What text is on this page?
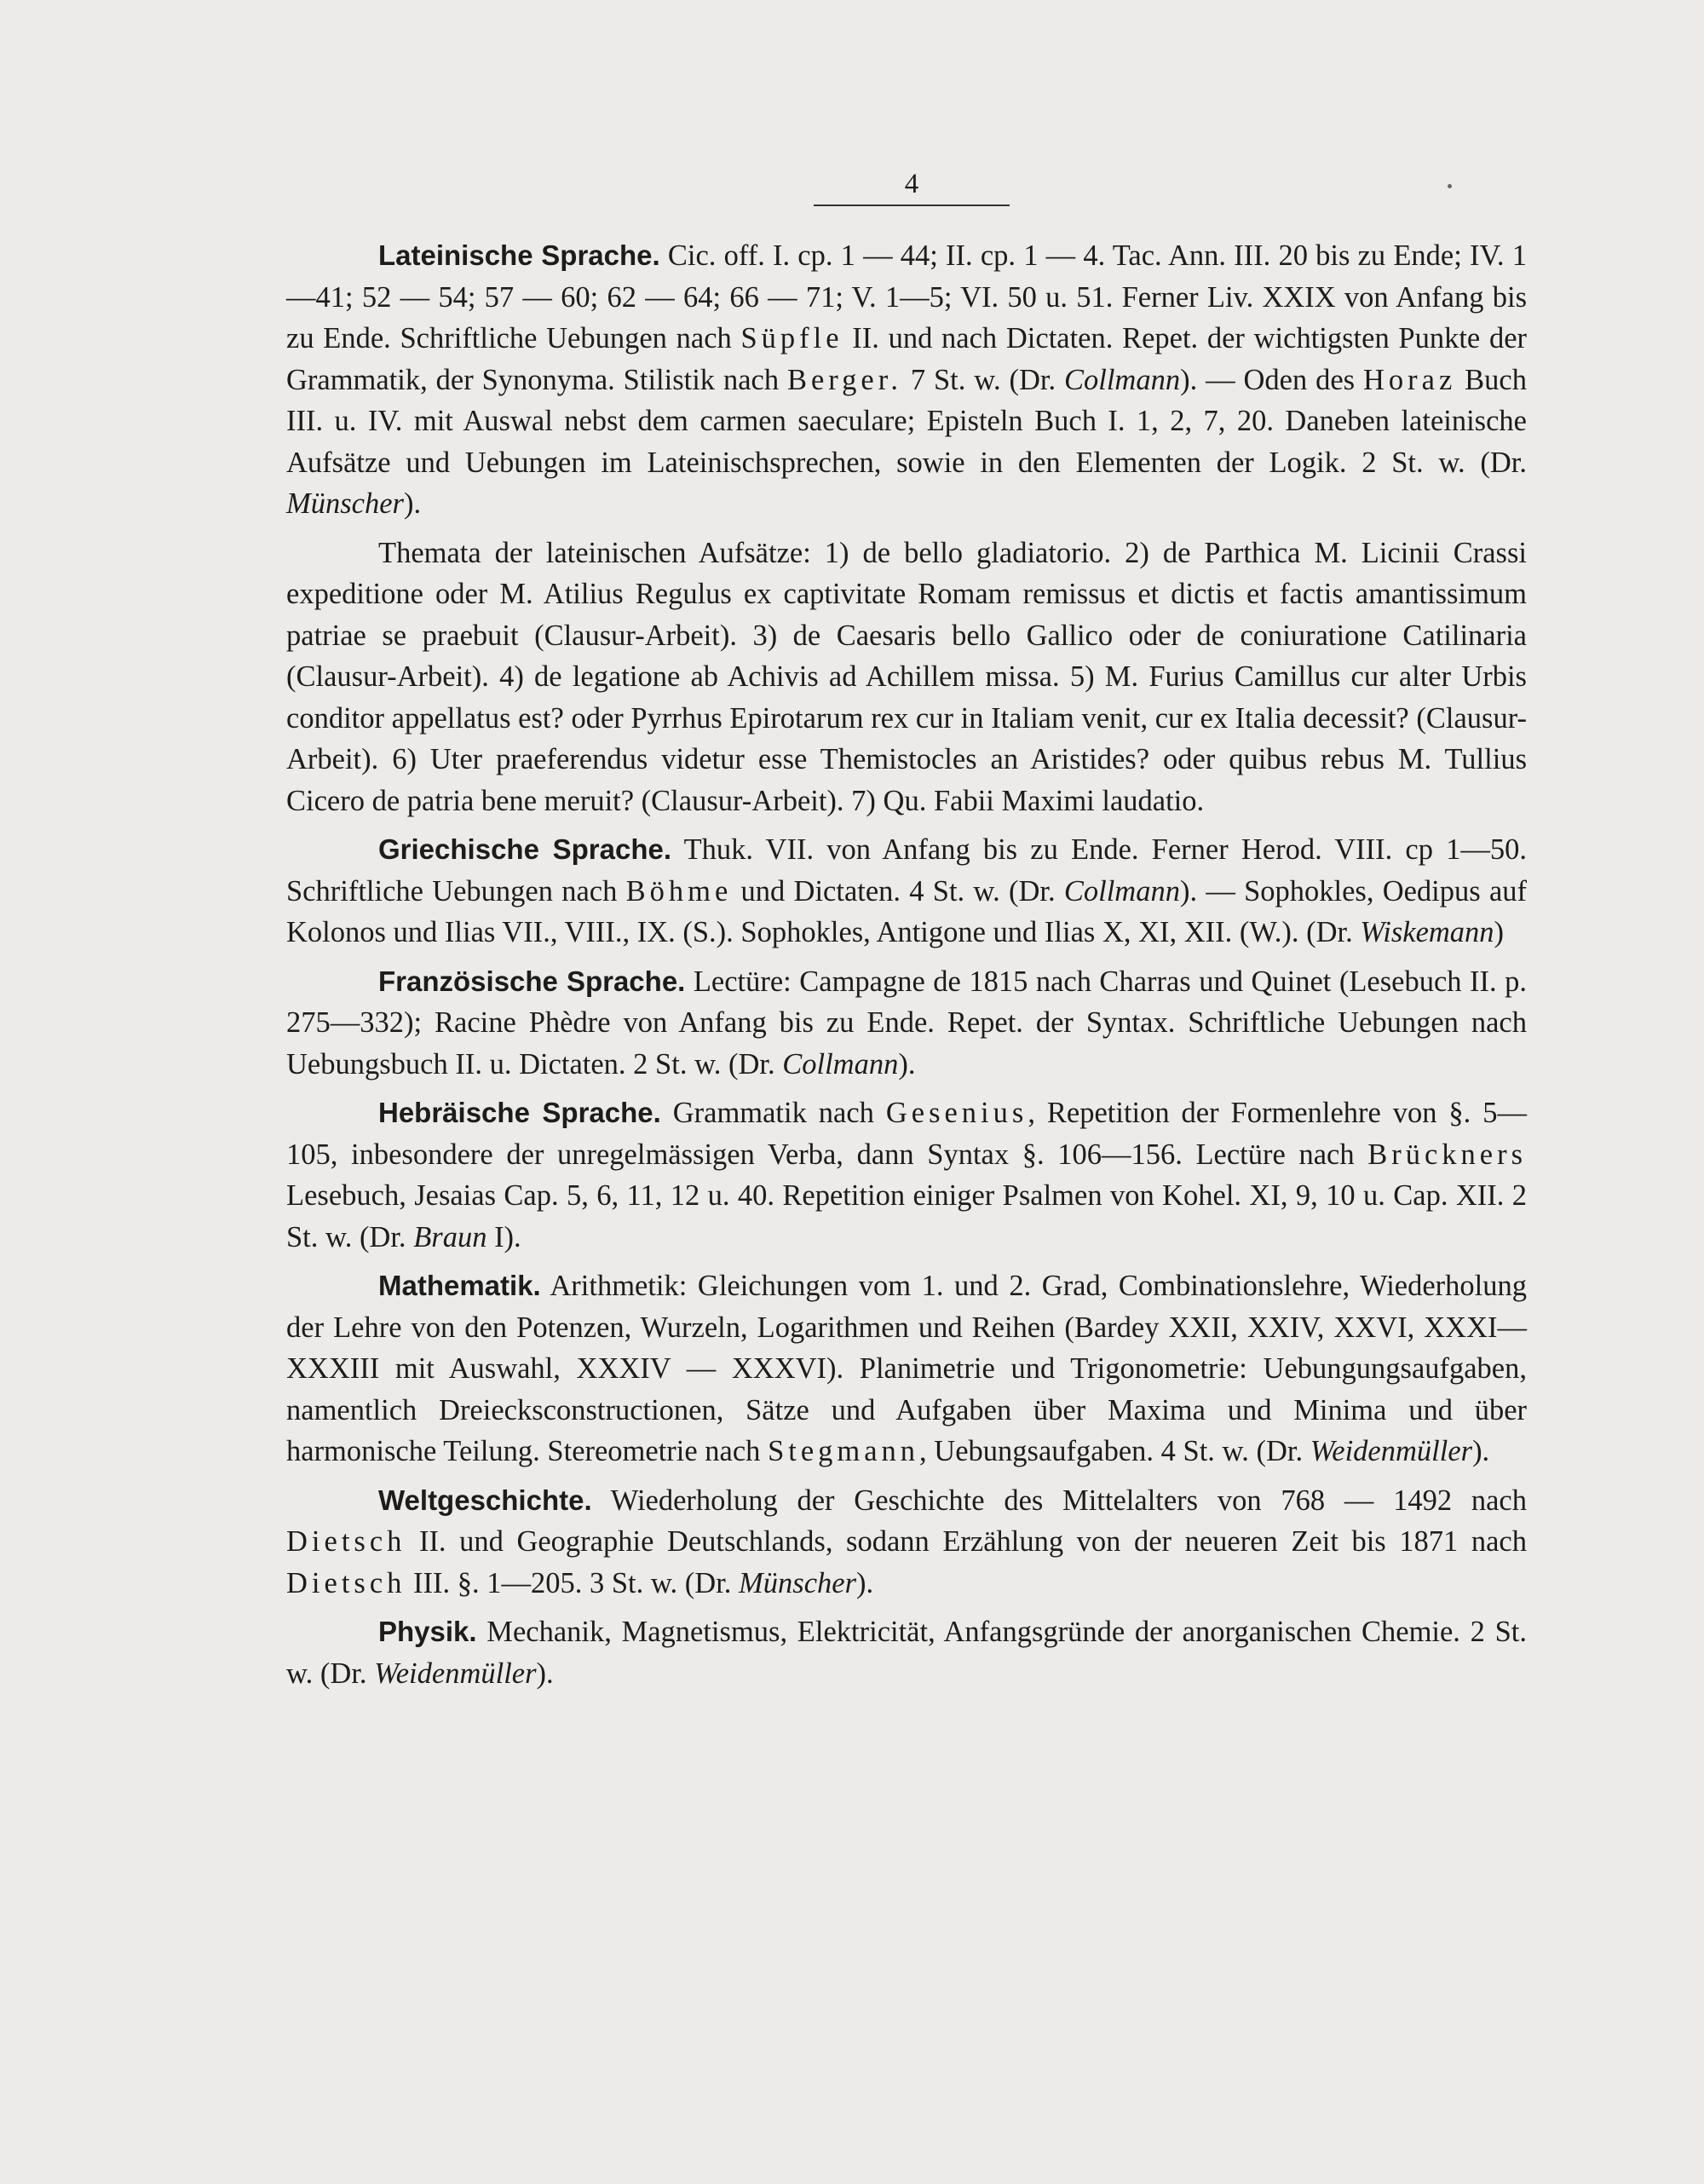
4

Lateinische Sprache. Cic. off. I. cp. 1 — 44; II. cp. 1 — 4. Tac. Ann. III. 20 bis zu Ende; IV. 1—41; 52 — 54; 57 — 60; 62 — 64; 66 — 71; V. 1—5; VI. 50 u. 51. Ferner Liv. XXIX von Anfang bis zu Ende. Schriftliche Uebungen nach Süpfle II. und nach Dictaten. Repet. der wichtigsten Punkte der Grammatik, der Synonyma. Stilistik nach Berger. 7 St. w. (Dr. Collmann). — Oden des Horaz Buch III. u. IV. mit Auswal nebst dem carmen saeculare; Episteln Buch I. 1, 2, 7, 20. Daneben lateinische Aufsätze und Uebungen im Lateinischsprechen, sowie in den Elementen der Logik. 2 St. w. (Dr. Münscher).

Themata der lateinischen Aufsätze: 1) de bello gladiatorio. 2) de Parthica M. Licinii Crassi expeditione oder M. Atilius Regulus ex captivitate Romam remissus et dictis et factis amantissimum patriae se praebuit (Clausur-Arbeit). 3) de Caesaris bello Gallico oder de coniuratione Catilinaria (Clausur-Arbeit). 4) de legatione ab Achivis ad Achillem missa. 5) M. Furius Camillus cur alter Urbis conditor appellatus est? oder Pyrrhus Epirotarum rex cur in Italiam venit, cur ex Italia decessit? (Clausur-Arbeit). 6) Uter praeferendus videtur esse Themistocles an Aristides? oder quibus rebus M. Tullius Cicero de patria bene meruit? (Clausur-Arbeit). 7) Qu. Fabii Maximi laudatio.

Griechische Sprache. Thuk. VII. von Anfang bis zu Ende. Ferner Herod. VIII. cp 1—50. Schriftliche Uebungen nach Böhme und Dictaten. 4 St. w. (Dr. Collmann). — Sophokles, Oedipus auf Kolonos und Ilias VII., VIII., IX. (S.). Sophokles, Antigone und Ilias X, XI, XII. (W.). (Dr. Wiskemann)

Französische Sprache. Lectüre: Campagne de 1815 nach Charras und Quinet (Lesebuch II. p. 275—332); Racine Phèdre von Anfang bis zu Ende. Repet. der Syntax. Schriftliche Uebungen nach Uebungsbuch II. u. Dictaten. 2 St. w. (Dr. Collmann).

Hebräische Sprache. Grammatik nach Gesenius, Repetition der Formenlehre von §. 5—105, inbesondere der unregelmässigen Verba, dann Syntax §. 106—156. Lectüre nach Brückners Lesebuch, Jesaias Cap. 5, 6, 11, 12 u. 40. Repetition einiger Psalmen von Kohel. XI, 9, 10 u. Cap. XII. 2 St. w. (Dr. Braun I).

Mathematik. Arithmetik: Gleichungen vom 1. und 2. Grad, Combinationslehre, Wiederholung der Lehre von den Potenzen, Wurzeln, Logarithmen und Reihen (Bardey XXII, XXIV, XXVI, XXXI—XXXIII mit Auswahl, XXXIV — XXXVI). Planimetrie und Trigonometrie: Uebungungsaufgaben, namentlich Dreiecksconstructionen, Sätze und Aufgaben über Maxima und Minima und über harmonische Teilung. Stereometrie nach Stegmann, Uebungsaufgaben. 4 St. w. (Dr. Weidenmüller).

Weltgeschichte. Wiederholung der Geschichte des Mittelalters von 768 — 1492 nach Dietsch II. und Geographie Deutschlands, sodann Erzählung von der neueren Zeit bis 1871 nach Dietsch III. §. 1—205. 3 St. w. (Dr. Münscher).

Physik. Mechanik, Magnetismus, Elektricität, Anfangsgründe der anorganischen Chemie. 2 St. w. (Dr. Weidenmüller).
